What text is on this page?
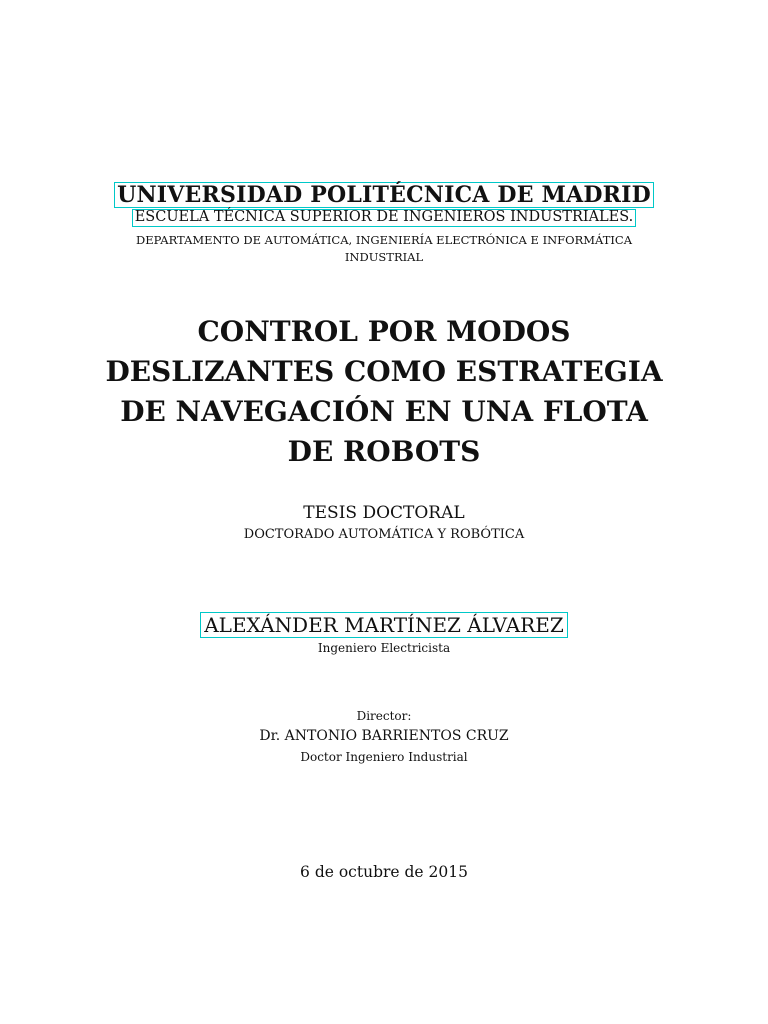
UNIVERSIDAD POLITÉCNICA DE MADRID
ESCUELA TÉCNICA SUPERIOR DE INGENIEROS INDUSTRIALES.
DEPARTAMENTO DE AUTOMÁTICA, INGENIERÍA ELECTRÓNICA E INFORMÁTICA
INDUSTRIAL
CONTROL POR MODOS
DESLIZANTES COMO ESTRATEGIA
DE NAVEGACIÓN EN UNA FLOTA
DE ROBOTS
TESIS DOCTORAL
DOCTORADO AUTOMÁTICA Y ROBÓTICA
ALEXÁNDER MARTÍNEZ ÁLVAREZ
Ingeniero Electricista
Director:
Dr. ANTONIO BARRIENTOS CRUZ
Doctor Ingeniero Industrial
6 de octubre de 2015
